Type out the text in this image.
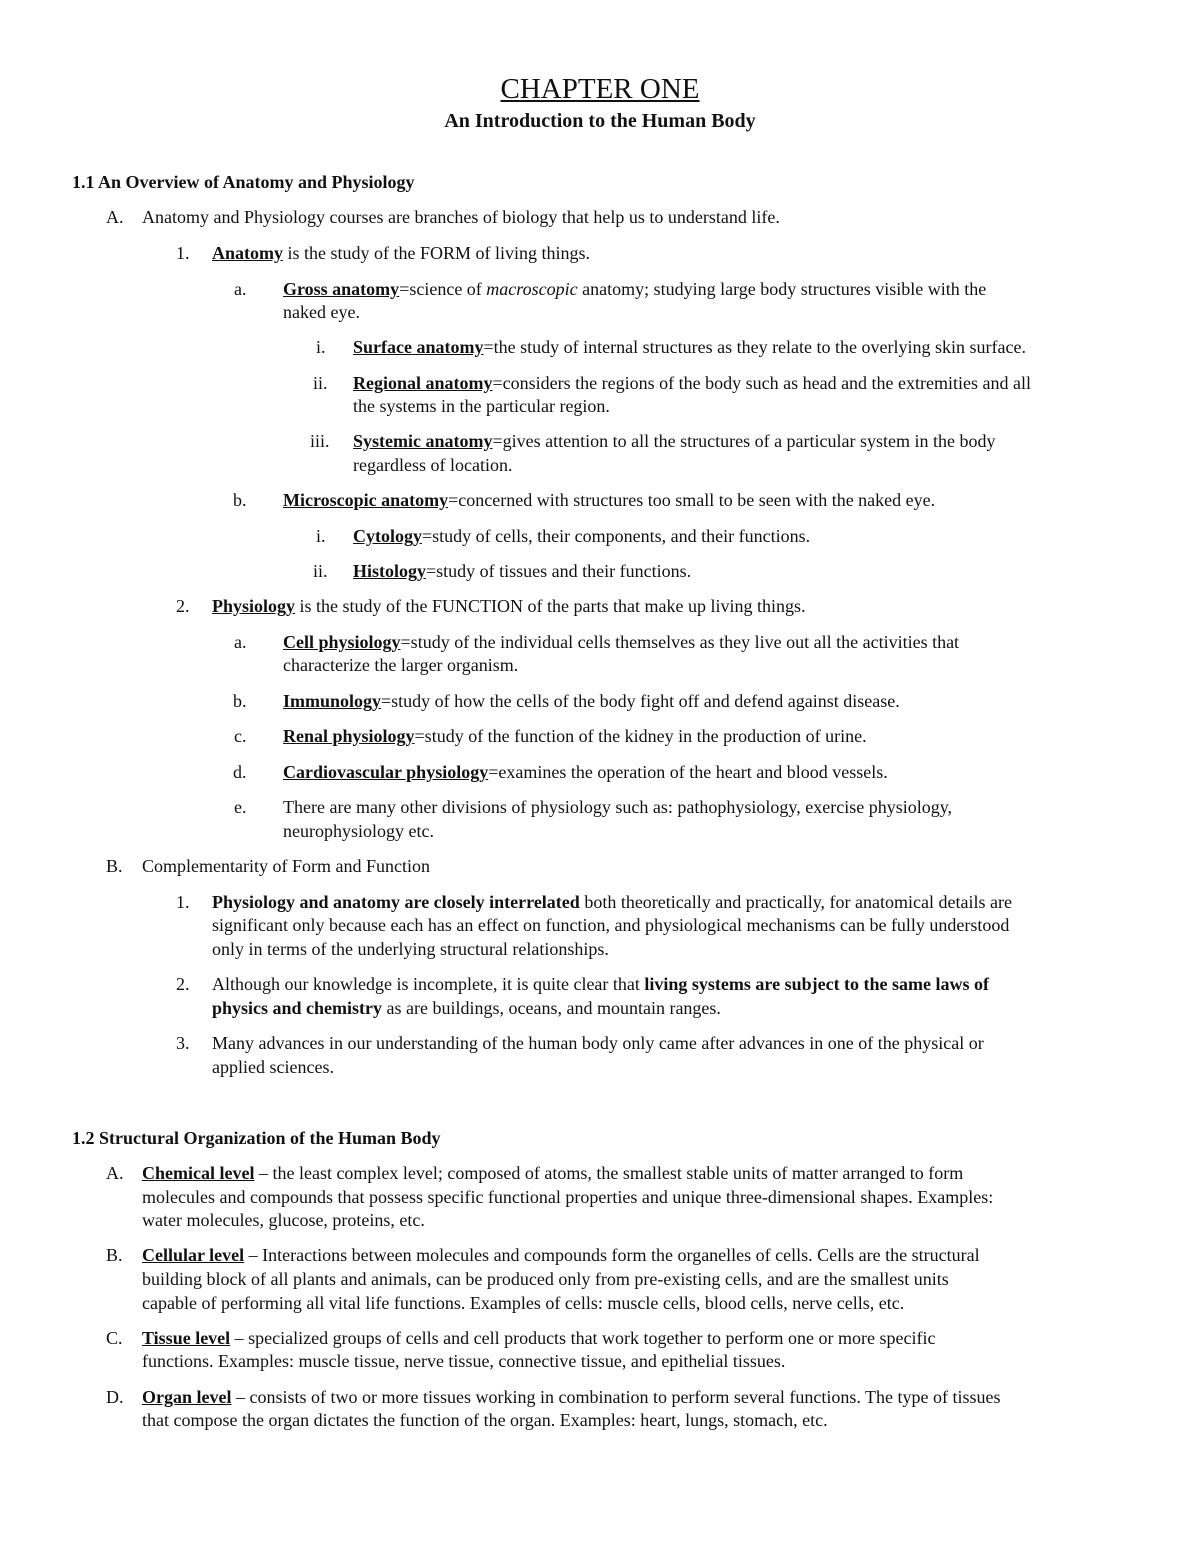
CHAPTER ONE
An Introduction to the Human Body
1.1 An Overview of Anatomy and Physiology
A. Anatomy and Physiology courses are branches of biology that help us to understand life.
1. Anatomy is the study of the FORM of living things.
a. Gross anatomy=science of macroscopic anatomy; studying large body structures visible with the
naked eye.
i. Surface anatomy=the study of internal structures as they relate to the overlying skin surface.
ii. Regional anatomy=considers the regions of the body such as head and the extremities and all
the systems in the particular region.
iii. Systemic anatomy=gives attention to all the structures of a particular system in the body
regardless of location.
b. Microscopic anatomy=concerned with structures too small to be seen with the naked eye.
i. Cytology=study of cells, their components, and their functions.
ii. Histology=study of tissues and their functions.
2. Physiology is the study of the FUNCTION of the parts that make up living things.
a. Cell physiology=study of the individual cells themselves as they live out all the activities that
characterize the larger organism.
b. Immunology=study of how the cells of the body fight off and defend against disease.
c. Renal physiology=study of the function of the kidney in the production of urine.
d. Cardiovascular physiology=examines the operation of the heart and blood vessels.
e. There are many other divisions of physiology such as: pathophysiology, exercise physiology,
neurophysiology etc.
B. Complementarity of Form and Function
1. Physiology and anatomy are closely interrelated both theoretically and practically, for anatomical details are
significant only because each has an effect on function, and physiological mechanisms can be fully understood
only in terms of the underlying structural relationships.
2. Although our knowledge is incomplete, it is quite clear that living systems are subject to the same laws of
physics and chemistry as are buildings, oceans, and mountain ranges.
3. Many advances in our understanding of the human body only came after advances in one of the physical or
applied sciences.
1.2 Structural Organization of the Human Body
A. Chemical level – the least complex level; composed of atoms, the smallest stable units of matter arranged to form
molecules and compounds that possess specific functional properties and unique three-dimensional shapes. Examples:
water molecules, glucose, proteins, etc.
B. Cellular level – Interactions between molecules and compounds form the organelles of cells. Cells are the structural
building block of all plants and animals, can be produced only from pre-existing cells, and are the smallest units
capable of performing all vital life functions. Examples of cells: muscle cells, blood cells, nerve cells, etc.
C. Tissue level – specialized groups of cells and cell products that work together to perform one or more specific
functions. Examples: muscle tissue, nerve tissue, connective tissue, and epithelial tissues.
D. Organ level – consists of two or more tissues working in combination to perform several functions. The type of tissues
that compose the organ dictates the function of the organ. Examples: heart, lungs, stomach, etc.
